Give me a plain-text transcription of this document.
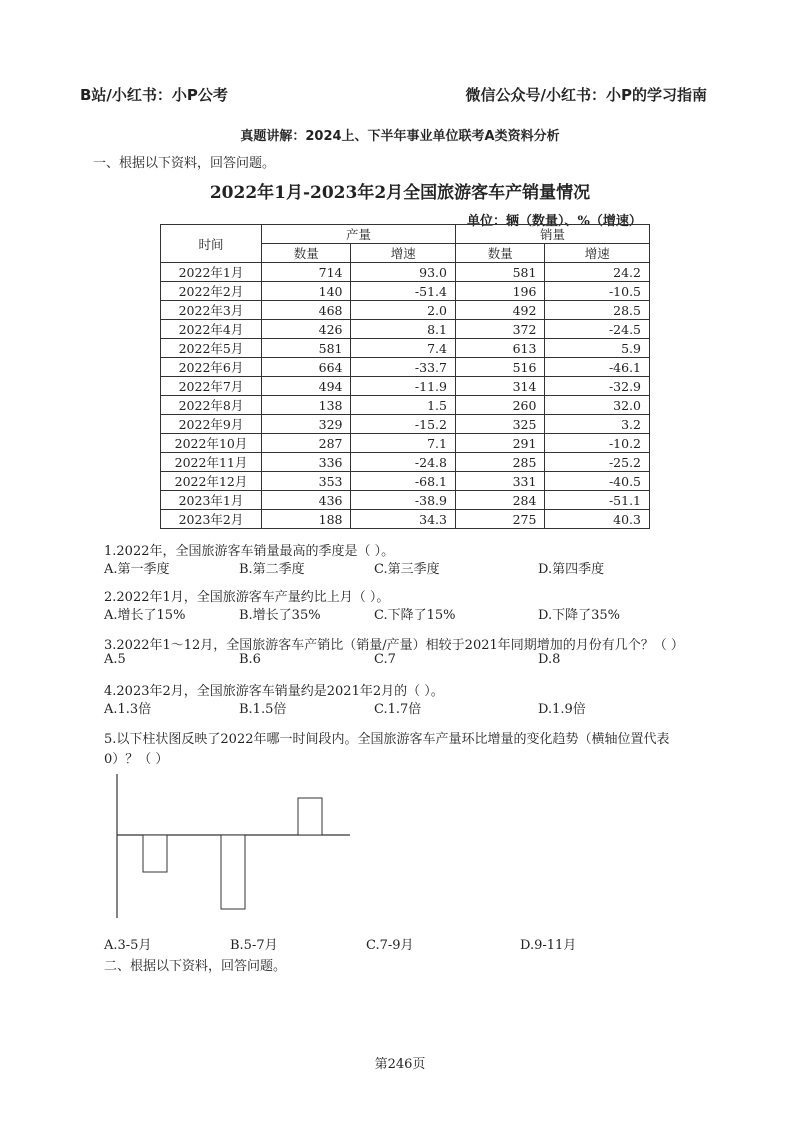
B站/小红书：小P公考	微信公众号/小红书：小P的学习指南
真题讲解：2024上、下半年事业单位联考A类资料分析
一、根据以下资料，回答问题。
2022年1月-2023年2月全国旅游客车产销量情况
单位：辆（数量）、%（增速）
时间	产量		销量	
	数量	增速	数量	增速
2022年1月	714	93.0	581	24.2
2022年2月	140	-51.4	196	-10.5
2022年3月	468	2.0	492	28.5
2022年4月	426	8.1	372	-24.5
2022年5月	581	7.4	613	5.9
2022年6月	664	-33.7	516	-46.1
2022年7月	494	-11.9	314	-32.9
2022年8月	138	1.5	260	32.0
2022年9月	329	-15.2	325	3.2
2022年10月	287	7.1	291	-10.2
2022年11月	336	-24.8	285	-25.2
2022年12月	353	-68.1	331	-40.5
2023年1月	436	-38.9	284	-51.1
2023年2月	188	34.3	275	40.3
1.2022年，全国旅游客车销量最高的季度是（ ）。
A.第一季度	B.第二季度	C.第三季度	D.第四季度
2.2022年1月，全国旅游客车产量约比上月（ ）。
A.增长了15%	B.增长了35%	C.下降了15%	D.下降了35%
3.2022年1～12月，全国旅游客车产销比（销量/产量）相较于2021年同期增加的月份有几个？（ ）
A.5	B.6	C.7	D.8
4.2023年2月，全国旅游客车销量约是2021年2月的（ ）。
A.1.3倍	B.1.5倍	C.1.7倍	D.1.9倍
5.以下柱状图反映了2022年哪一时间段内。全国旅游客车产量环比增量的变化趋势（横轴位置代表
0）？（ ）
A.3-5月	B.5-7月	C.7-9月	D.9-11月
二、根据以下资料，回答问题。
第246页
